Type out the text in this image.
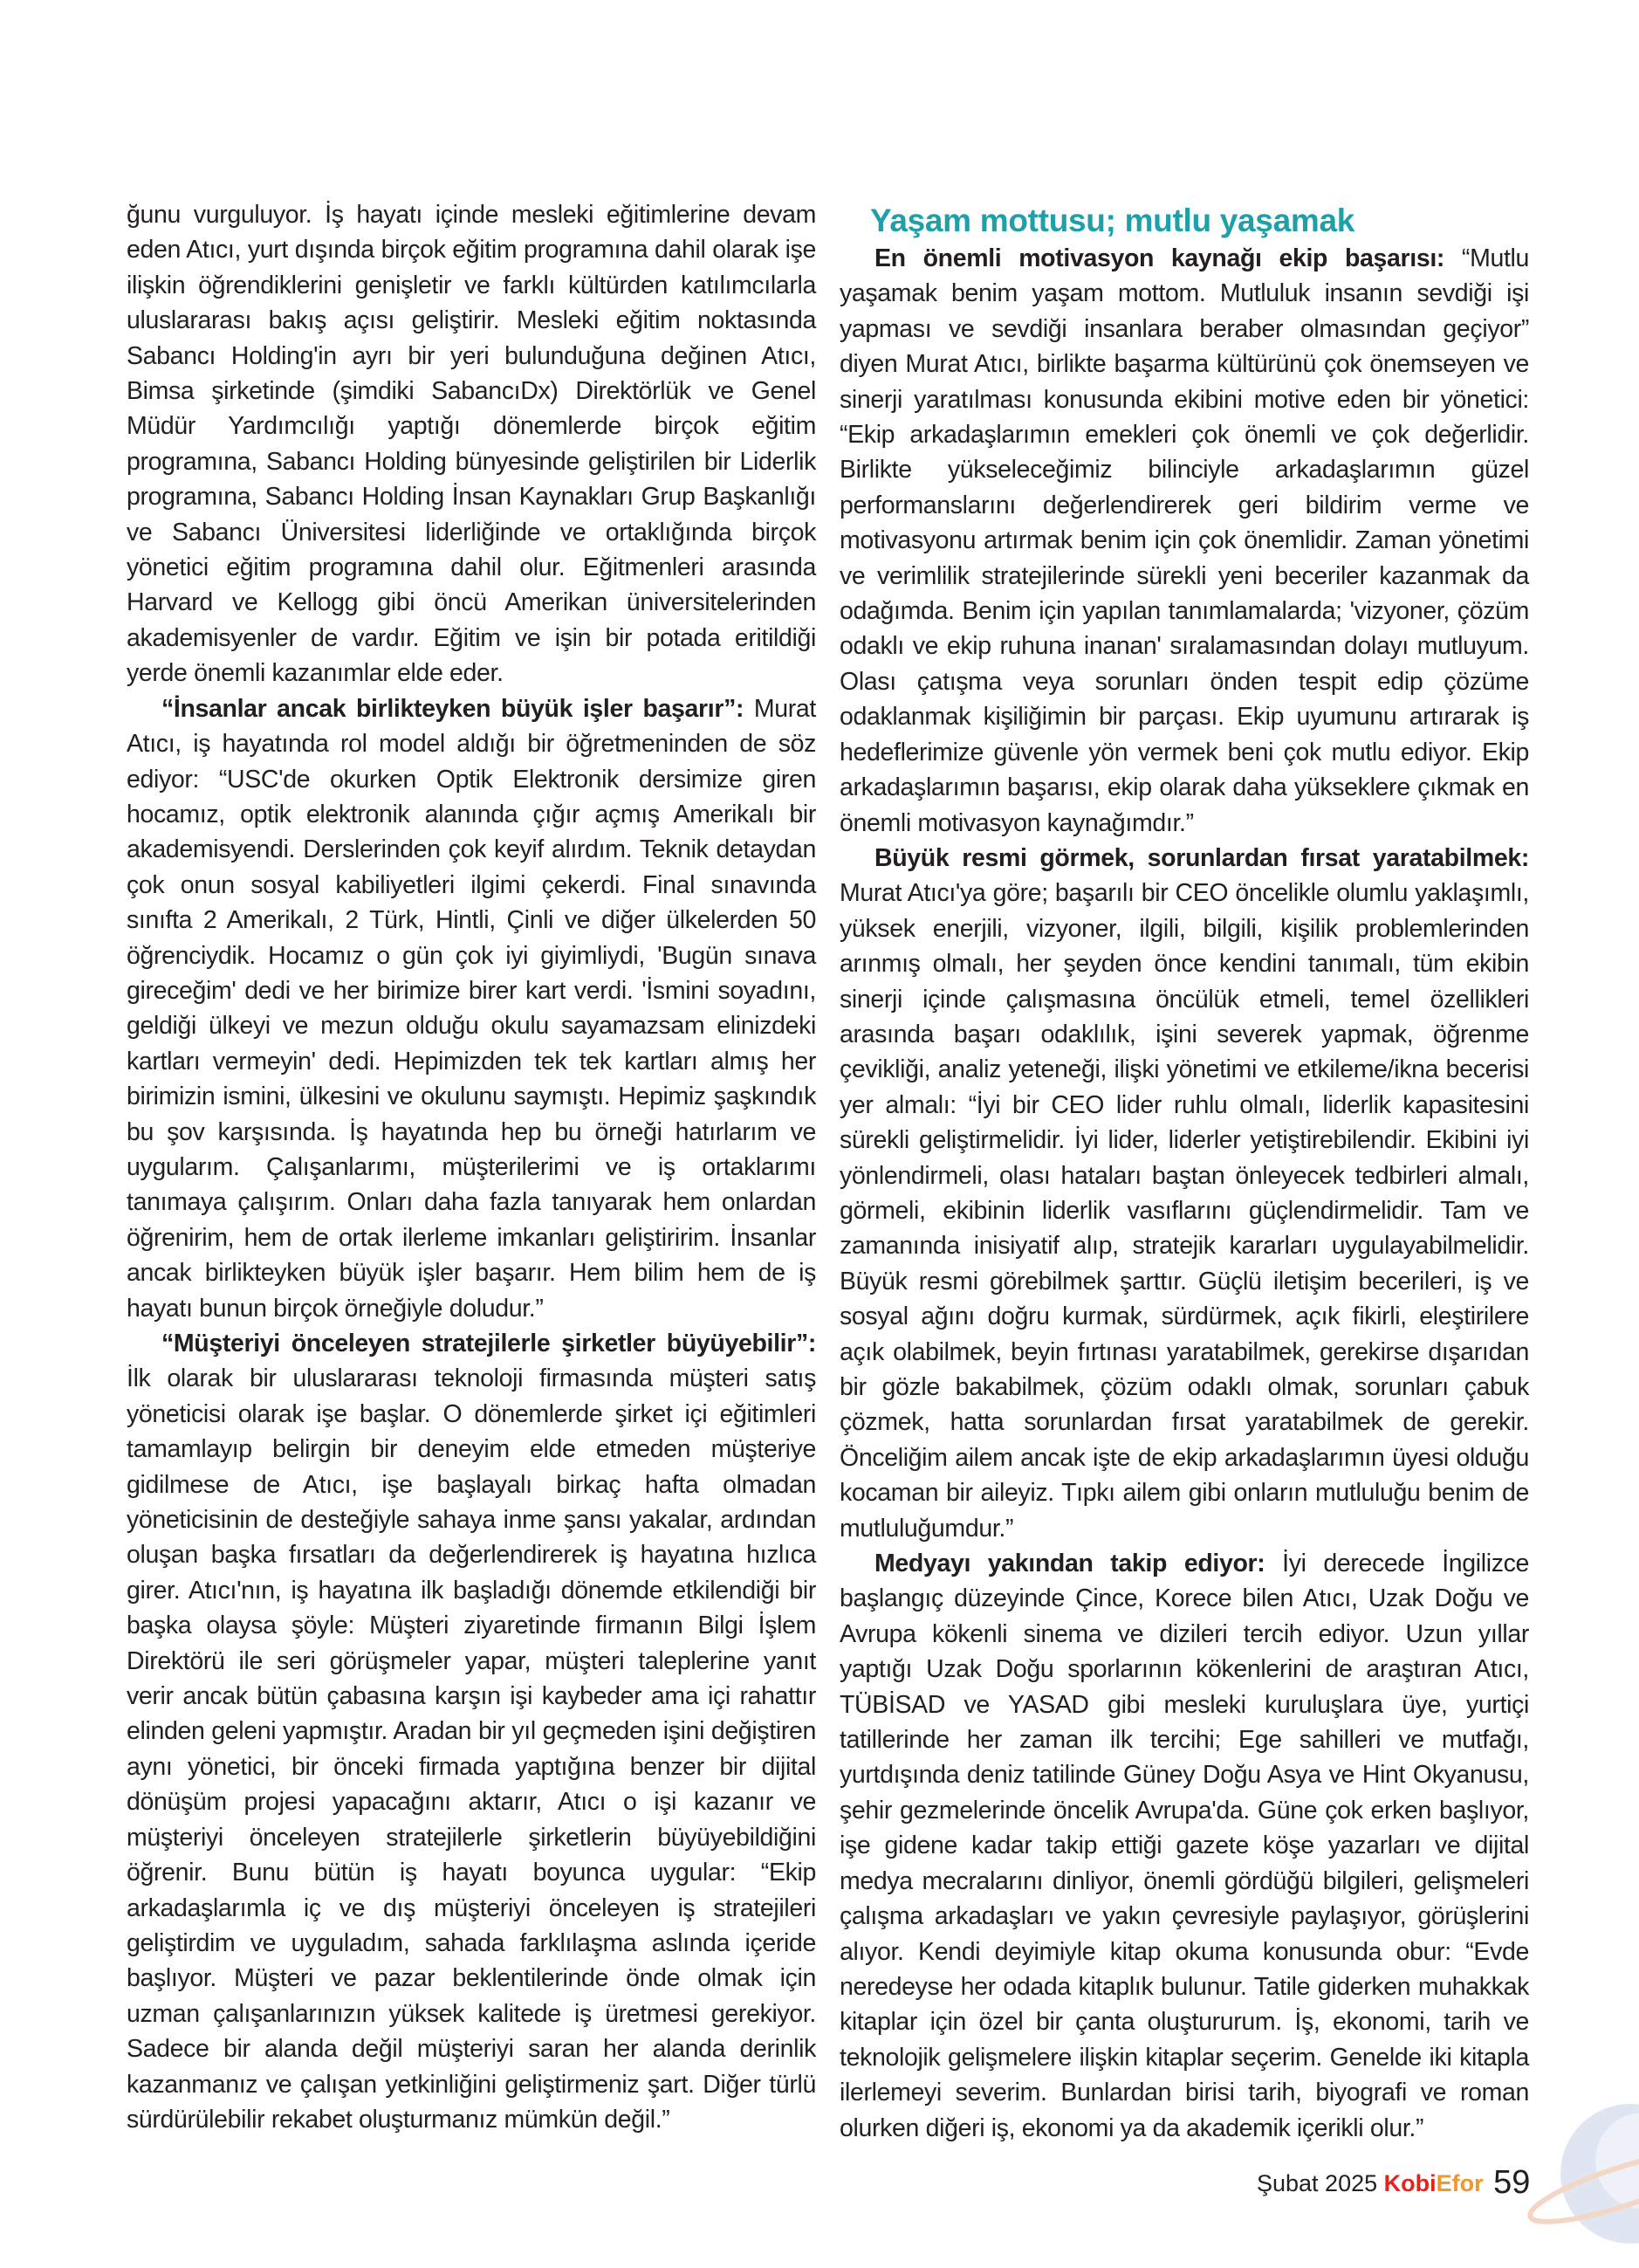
ğunu vurguluyor. İş hayatı içinde mesleki eğitimlerine devam eden Atıcı, yurt dışında birçok eğitim programına dahil olarak işe ilişkin öğrendiklerini genişletir ve farklı kültürden katılımcılarla uluslararası bakış açısı geliştirir. Mesleki eğitim noktasında Sabancı Holding'in ayrı bir yeri bulunduğuna değinen Atıcı, Bimsa şirketinde (şimdiki SabancıDx) Direktörlük ve Genel Müdür Yardımcılığı yaptığı dönemlerde birçok eğitim programına, Sabancı Holding bünyesinde geliştirilen bir Liderlik programına, Sabancı Holding İnsan Kaynakları Grup Başkanlığı ve Sabancı Üniversitesi liderliğinde ve ortaklığında birçok yönetici eğitim programına dahil olur. Eğitmenleri arasında Harvard ve Kellogg gibi öncü Amerikan üniversitelerinden akademisyenler de vardır. Eğitim ve işin bir potada eritildiği yerde önemli kazanımlar elde eder.

“İnsanlar ancak birlikteyken büyük işler başarır”: Murat Atıcı, iş hayatında rol model aldığı bir öğretmeninden de söz ediyor: “USC'de okurken Optik Elektronik dersimize giren hocamız, optik elektronik alanında çığır açmış Amerikalı bir akademisyendi. Derslerinden çok keyif alırdım. Teknik detaydan çok onun sosyal kabiliyetleri ilgimi çekerdi. Final sınavında sınıfta 2 Amerikalı, 2 Türk, Hintli, Çinli ve diğer ülkelerden 50 öğrenciydik. Hocamız o gün çok iyi giyimliydi, 'Bugün sınava gireceğim' dedi ve her birimize birer kart verdi. 'İsmini soyadını, geldiği ülkeyi ve mezun olduğu okulu sayamazsam elinizdeki kartları vermeyin' dedi. Hepimizden tek tek kartları almış her birimizin ismini, ülkesini ve okulunu saymıştı. Hepimiz şaşkındık bu şov karşısında. İş hayatında hep bu örneği hatırlarım ve uygularım. Çalışanlarımı, müşterilerimi ve iş ortaklarımı tanımaya çalışırım. Onları daha fazla tanıyarak hem onlardan öğrenirim, hem de ortak ilerleme imkanları geliştiririm. İnsanlar ancak birlikteyken büyük işler başarır. Hem bilim hem de iş hayatı bunun birçok örneğiyle doludur.”

“Müşteriyi önceleyen stratejilerle şirketler büyüyebilir”: İlk olarak bir uluslararası teknoloji firmasında müşteri satış yöneticisi olarak işe başlar. O dönemlerde şirket içi eğitimleri tamamlayıp belirgin bir deneyim elde etmeden müşteriye gidilmese de Atıcı, işe başlayalı birkaç hafta olmadan yöneticisinin de desteğiyle sahaya inme şansı yakalar, ardından oluşan başka fırsatları da değerlendirerek iş hayatına hızlıca girer. Atıcı'nın, iş hayatına ilk başladığı dönemde etkilendiği bir başka olaysa şöyle: Müşteri ziyaretinde firmanın Bilgi İşlem Direktörü ile seri görüşmeler yapar, müşteri taleplerine yanıt verir ancak bütün çabasına karşın işi kaybeder ama içi rahattır elinden geleni yapmıştır. Aradan bir yıl geçmeden işini değiştiren aynı yönetici, bir önceki firmada yaptığına benzer bir dijital dönüşüm projesi yapacağını aktarır, Atıcı o işi kazanır ve müşteriyi önceleyen stratejilerle şirketlerin büyüyebildiğini öğrenir. Bunu bütün iş hayatı boyunca uygular: “Ekip arkadaşlarımla iç ve dış müşteriyi önceleyen iş stratejileri geliştirdim ve uyguladım, sahada farklılaşma aslında içeride başlıyor. Müşteri ve pazar beklentilerinde önde olmak için uzman çalışanlarınızın yüksek kalitede iş üretmesi gerekiyor. Sadece bir alanda değil müşteriyi saran her alanda derinlik kazanmanız ve çalışan yetkinliğini geliştirmeniz şart. Diğer türlü sürdürülebilir rekabet oluşturmanız mümkün değil.”

Yaşam mottusu; mutlu yaşamak

En önemli motivasyon kaynağı ekip başarısı: “Mutlu yaşamak benim yaşam mottom. Mutluluk insanın sevdiği işi yapması ve sevdiği insanlara beraber olmasından geçiyor” diyen Murat Atıcı, birlikte başarma kültürünü çok önemseyen ve sinerji yaratılması konusunda ekibini motive eden bir yönetici: “Ekip arkadaşlarımın emekleri çok önemli ve çok değerlidir. Birlikte yükseleceğimiz bilinciyle arkadaşlarımın güzel performanslarını değerlendirerek geri bildirim verme ve motivasyonu artırmak benim için çok önemlidir. Zaman yönetimi ve verimlilik stratejilerinde sürekli yeni beceriler kazanmak da odağımda. Benim için yapılan tanımlamalarda; 'vizyoner, çözüm odaklı ve ekip ruhuna inanan' sıralamasından dolayı mutluyum. Olası çatışma veya sorunları önden tespit edip çözüme odaklanmak kişiliğimin bir parçası. Ekip uyumunu artırarak iş hedeflerimize güvenle yön vermek beni çok mutlu ediyor. Ekip arkadaşlarımın başarısı, ekip olarak daha yükseklere çıkmak en önemli motivasyon kaynağımdır.”

Büyük resmi görmek, sorunlardan fırsat yaratabilmek: Murat Atıcı'ya göre; başarılı bir CEO öncelikle olumlu yaklaşımlı, yüksek enerjili, vizyoner, ilgili, bilgili, kişilik problemlerinden arınmış olmalı, her şeyden önce kendini tanımalı, tüm ekibin sinerji içinde çalışmasına öncülük etmeli, temel özellikleri arasında başarı odaklılık, işini severek yapmak, öğrenme çevikliği, analiz yeteneği, ilişki yönetimi ve etkileme/ikna becerisi yer almalı: “İyi bir CEO lider ruhlu olmalı, liderlik kapasitesini sürekli geliştirmelidir. İyi lider, liderler yetiştirebilendir. Ekibini iyi yönlendirmeli, olası hataları baştan önleyecek tedbirleri almalı, görmeli, ekibinin liderlik vasıflarını güçlendirmelidir. Tam ve zamanında inisiyatif alıp, stratejik kararları uygulayabilmelidir. Büyük resmi görebilmek şarttır. Güçlü iletişim becerileri, iş ve sosyal ağını doğru kurmak, sürdürmek, açık fikirli, eleştirilere açık olabilmek, beyin fırtınası yaratabilmek, gerekirse dışarıdan bir gözle bakabilmek, çözüm odaklı olmak, sorunları çabuk çözmek, hatta sorunlardan fırsat yaratabilmek de gerekir. Önceliğim ailem ancak işte de ekip arkadaşlarımın üyesi olduğu kocaman bir aileyiz. Tıpkı ailem gibi onların mutluluğu benim de mutluluğumdur.”

Medyayı yakından takip ediyor: İyi derecede İngilizce başlangıç düzeyinde Çince, Korece bilen Atıcı, Uzak Doğu ve Avrupa kökenli sinema ve dizileri tercih ediyor. Uzun yıllar yaptığı Uzak Doğu sporlarının kökenlerini de araştıran Atıcı, TÜBİSAD ve YASAD gibi mesleki kuruluşlara üye, yurtiçi tatillerinde her zaman ilk tercihi; Ege sahilleri ve mutfağı, yurtdışında deniz tatilinde Güney Doğu Asya ve Hint Okyanusu, şehir gezmelerinde öncelik Avrupa'da. Güne çok erken başlıyor, işe gidene kadar takip ettiği gazete köşe yazarları ve dijital medya mecralarını dinliyor, önemli gördüğü bilgileri, gelişmeleri çalışma arkadaşları ve yakın çevresiyle paylaşıyor, görüşlerini alıyor. Kendi deyimiyle kitap okuma konusunda obur: “Evde neredeyse her odada kitaplık bulunur. Tatile giderken muhakkak kitaplar için özel bir çanta oluştururum. İş, ekonomi, tarih ve teknolojik gelişmelere ilişkin kitaplar seçerim. Genelde iki kitapla ilerlemeyi severim. Bunlardan birisi tarih, biyografi ve roman olurken diğeri iş, ekonomi ya da akademik içerikli olur.”

Şubat 2025 KobiEfor 59
